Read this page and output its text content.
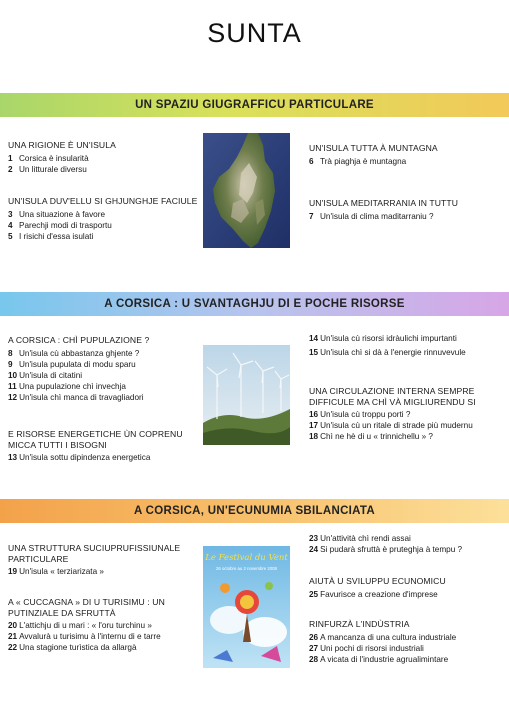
SUNTA
UN SPAZIU GIUGRAFFICU PARTICULARE
UNA RIGIONE È UN'ISULA
1 Corsica è insularità
2 Un litturale diversu
UN'ISULA DUV'ELLU SI GHJUNGHJE FACIULE
3 Una situazione à favore
4 Parechji modi di trasportu
5 I risichi d'essa isulati
UN'ISULA TUTTA À MUNTAGNA
6 Trà piaghja è muntagna
UN'ISULA MEDITARRANIA IN TUTTU
7 Un'isula di clima maditarraniu ?
A CORSICA : U SVANTAGHJU DI E POCHE RISORSE
A CORSICA : CHÌ PUPULAZIONE ?
8 Un'isula cù abbastanza ghjente ?
9 Un'isula pupulata di modu sparu
10 Un'isula di citatini
11 Una pupulazione chì invechja
12 Un'isula chì manca di travagliadori
E RISORSE ENERGETICHE ÙN COPRENU MICCA TUTTI I BISOGNI
13 Un'isula sottu dipindenza energetica
14 Un'isula cù risorsi idràulichi impurtanti
15 Un'isula chì si dà à l'energie rinnuvevule
UNA CIRCULAZIONE INTERNA SEMPRE DIFFICULE MA CHÌ VÀ MIGLIURENDU SI
16 Un'isula cù troppu porti ?
17 Un'isula cù un ritale di strade più mudernu
18 Chì ne hè di u « trinnichellu » ?
A CORSICA, UN'ECUNUMIA SBILANCIATA
UNA STRUTTURA SUCIUPRUFISSIUNALE PARTICULARE
19 Un'isula « terziarizata »
A « CUCCAGNA » DI U TURISIMU : UN PUTINZIALE DA SFRUTTÀ
20 L'attichju di u mari : « l'oru turchinu »
21 Avvalurà u turisimu à l'internu di e tarre
22 Una stagione turìstica da allargà
Le Festival du Vent
26 octobre au 2 novembre 2008
23 Un'attività chì rendi assai
24 Si pudarà sfruttà è pruteghja à tempu ?
AIUTÀ U SVILUPPU ECUNOMICU
25 Favurisce a creazione d'imprese
RINFURZÀ L'INDÙSTRIA
26 A mancanza di una cultura industriale
27 Uni pochi di risorsi industriali
28 A vicata di l'industrie agrualimintare
